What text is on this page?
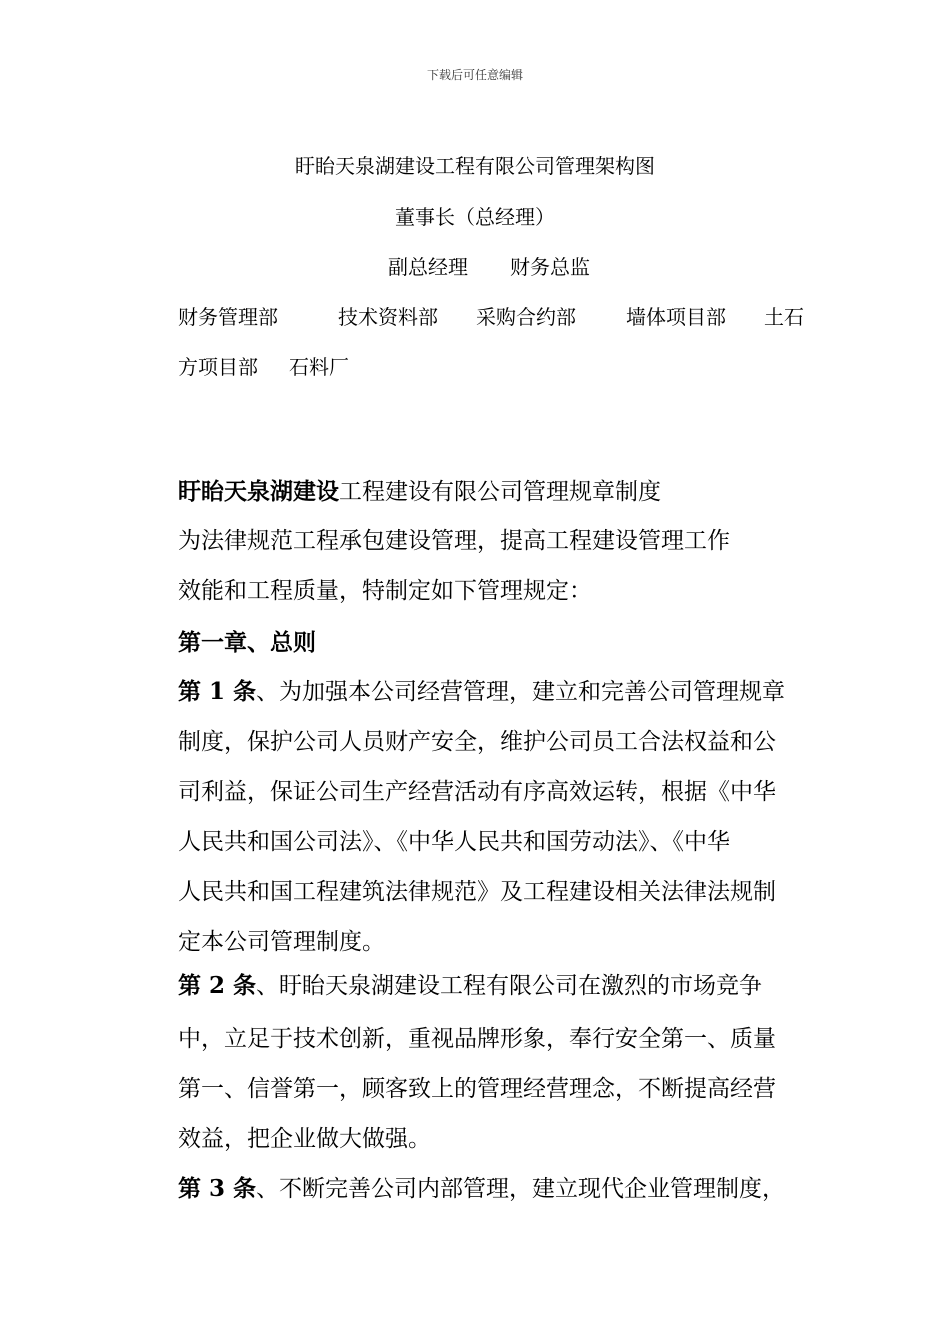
下载后可任意编辑
盱眙天泉湖建设工程有限公司管理架构图
董事长（总经理）
副总经理 财务总监
财务管理部	技术资料部 采购合约部	墙体项目部 土石
方项目部 石料厂
盱眙天泉湖建设工程建设有限公司管理规章制度
为法律规范工程承包建设管理，提高工程建设管理工作
效能和工程质量，特制定如下管理规定：
第一章、总则
第 1 条、为加强本公司经营管理，建立和完善公司管理规章
制度，保护公司人员财产安全，维护公司员工合法权益和公
司利益，保证公司生产经营活动有序高效运转，根据《中华
人民共和国公司法》、《中华人民共和国劳动法》、《中华
人民共和国工程建筑法律规范》及工程建设相关法律法规制
定本公司管理制度。
第 2 条、盱眙天泉湖建设工程有限公司在激烈的市场竞争
中，立足于技术创新，重视品牌形象，奉行安全第一、质量
第一、信誉第一，顾客致上的管理经营理念，不断提高经营
效益，把企业做大做强。
第 3 条、不断完善公司内部管理，建立现代企业管理制度，
